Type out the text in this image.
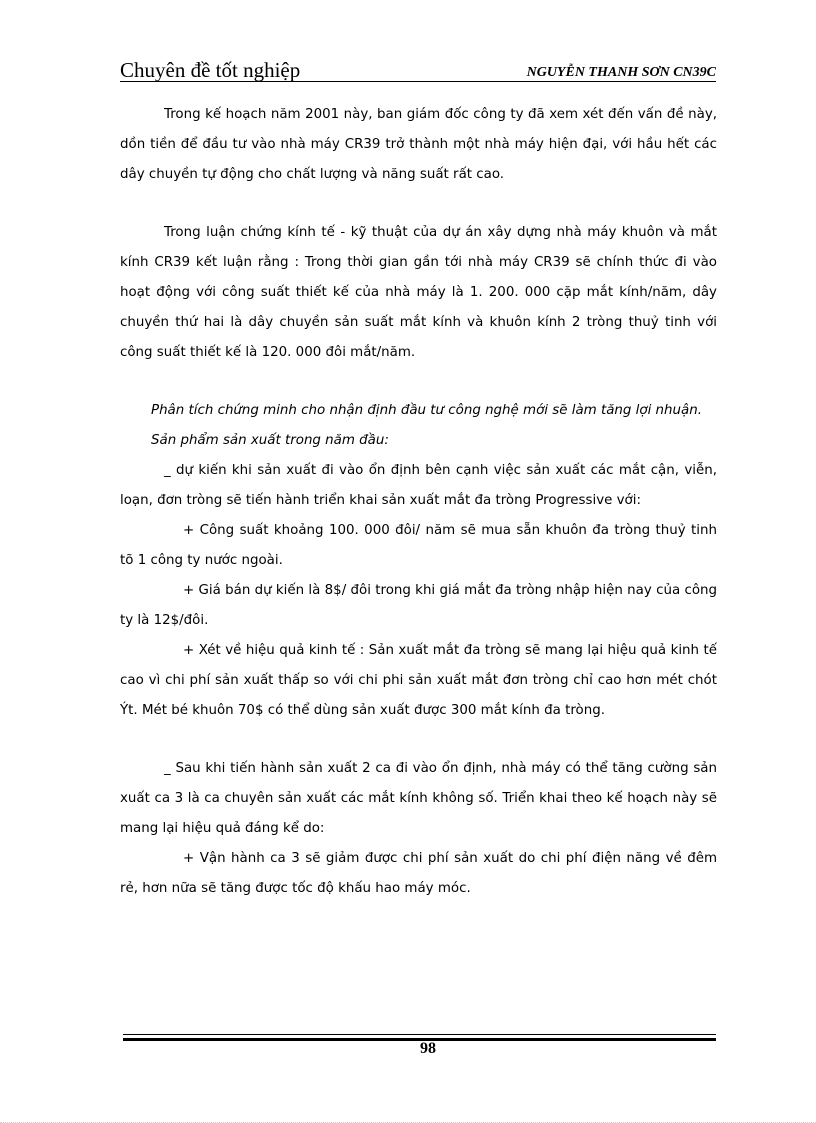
Chuyên đề tốt nghiệp	NGUYỄN THANH SƠN CN39C

Trong kế hoạch năm 2001 này, ban giám đốc công ty đã xem xét đến vấn đề này, dồn tiền để đầu tư vào nhà máy CR39 trở thành một nhà máy hiện đại, với hầu hết các dây chuyền tự động cho chất lượng và năng suất rất cao.

Trong luận chứng kính tế - kỹ thuật của dự án xây dựng nhà máy khuôn và mắt kính CR39 kết luận rằng : Trong thời gian gần tới nhà máy CR39 sẽ chính thức đi vào hoạt động với công suất thiết kế của nhà máy là 1. 200. 000 cặp mắt kính/năm, dây chuyền thứ hai là dây chuyền sản suất mắt kính và khuôn kính 2 tròng thuỷ tinh với công suất thiết kế là 120. 000 đôi mắt/năm.

Phân tích chứng minh cho nhận định đầu tư công nghệ mới sẽ làm tăng lợi nhuận.

Sản phẩm sản xuất trong năm đầu:

_ dự kiến khi sản xuất đi vào ổn định bên cạnh việc sản xuất các mắt cận, viễn, loạn, đơn tròng sẽ tiến hành triển khai sản xuất mắt đa tròng Progressive với:

+ Công suất khoảng 100. 000 đôi/ năm sẽ mua sẵn khuôn đa tròng thuỷ tinh tõ 1 công ty nước ngoài.

+ Giá bán dự kiến là 8$/ đôi trong khi giá mắt đa tròng nhập hiện nay của công ty là 12$/đôi.

+ Xét về hiệu quả kinh tế : Sản xuất mắt đa tròng sẽ mang lại hiệu quả kinh tế cao vì chi phí sản xuất thấp so với chi phi sản xuất mắt đơn tròng chỉ cao hơn mét chót Ýt. Mét bé khuôn 70$ có thể dùng sản xuất được 300 mắt kính đa tròng.

_ Sau khi tiến hành sản xuất 2 ca đi vào ổn định, nhà máy có thể tăng cường sản xuất ca 3 là ca chuyên sản xuất các mắt kính không số. Triển khai theo kế hoạch này sẽ mang lại hiệu quả đáng kể do:

+ Vận hành ca 3 sẽ giảm được chi phí sản xuất do chi phí điện năng về đêm rẻ, hơn nữa sẽ tăng được tốc độ khấu hao máy móc.

98
